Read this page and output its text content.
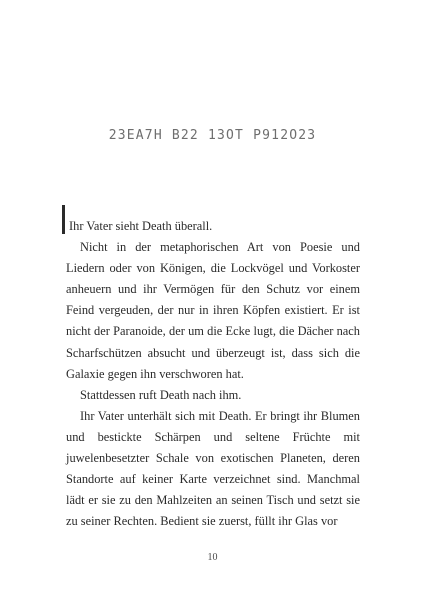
23EA7H B22 13OT P912O23

Ihr Vater sieht Death überall.

Nicht in der metaphorischen Art von Poesie und Liedern oder von Königen, die Lockvögel und Vorkoster anheuern und ihr Vermögen für den Schutz vor einem Feind vergeuden, der nur in ihren Köpfen existiert. Er ist nicht der Paranoide, der um die Ecke lugt, die Dächer nach Scharfschützen absucht und überzeugt ist, dass sich die Galaxie gegen ihn verschworen hat.

Stattdessen ruft Death nach ihm.

Ihr Vater unterhält sich mit Death. Er bringt ihr Blumen und bestickte Schärpen und seltene Früchte mit juwelenbesetzter Schale von exotischen Planeten, deren Standorte auf keiner Karte verzeichnet sind. Manchmal lädt er sie zu den Mahlzeiten an seinen Tisch und setzt sie zu seiner Rechten. Bedient sie zuerst, füllt ihr Glas vor

10
